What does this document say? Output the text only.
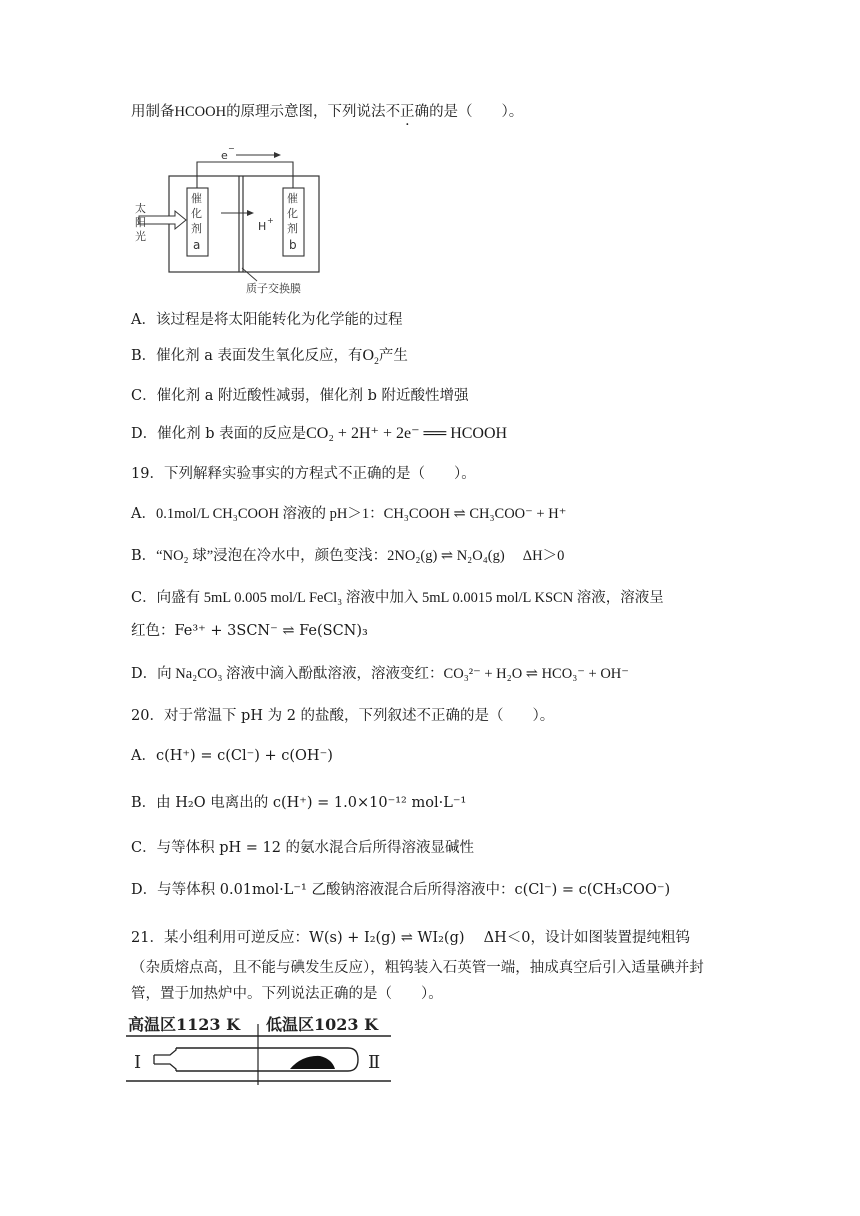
用制备HCOOH的原理示意图，下列说法不正确的是（　　）。
e
−
太
阳
光
催
化
剂
a
催
化
剂
b
H +
质子交换膜
A．该过程是将太阳能转化为化学能的过程
B．催化剂 a 表面发生氧化反应，有$O_2$产生
C．催化剂 a 附近酸性减弱，催化剂 b 附近酸性增强
D．催化剂 b 表面的反应是CO₂ + 2H⁺ + 2e⁻ ══ HCOOH
19．下列解释实验事实的方程式不正确的是（　　）。
A．0.1mol/L CH₃COOH 溶液的 pH＞1：CH₃COOH ⇌ CH₃COO⁻ + H⁺
B．“NO₂ 球”浸泡在冷水中，颜色变浅：2NO₂(g) ⇌ N₂O₄(g)　 ΔH＞0
C．向盛有 5mL 0.005 mol/L FeCl₃ 溶液中加入 5mL 0.0015 mol/L KSCN 溶液，溶液呈
红色：Fe³⁺ + 3SCN⁻ ⇌ Fe(SCN)₃
D．向 Na₂CO₃ 溶液中滴入酚酞溶液，溶液变红：CO₃²⁻ + H₂O ⇌ HCO₃⁻ + OH⁻
20．对于常温下 pH 为 2 的盐酸，下列叙述不正确的是（　　）。
A．c(H⁺) = c(Cl⁻) + c(OH⁻)
B．由 H₂O 电离出的 c(H⁺) = 1.0×10⁻¹² mol·L⁻¹
C．与等体积 pH = 12 的氨水混合后所得溶液显碱性
D．与等体积 0.01mol·L⁻¹ 乙酸钠溶液混合后所得溶液中：c(Cl⁻) = c(CH₃COO⁻)
21．某小组利用可逆反应：W(s) + I₂(g) ⇌ WI₂(g)　 ΔH＜0，设计如图装置提纯粗钨
（杂质熔点高，且不能与碘发生反应），粗钨装入石英管一端，抽成真空后引入适量碘并封
管，置于加热炉中。下列说法正确的是（　　）。
高温区1123 K 低温区1023 K
I	Ⅱ
